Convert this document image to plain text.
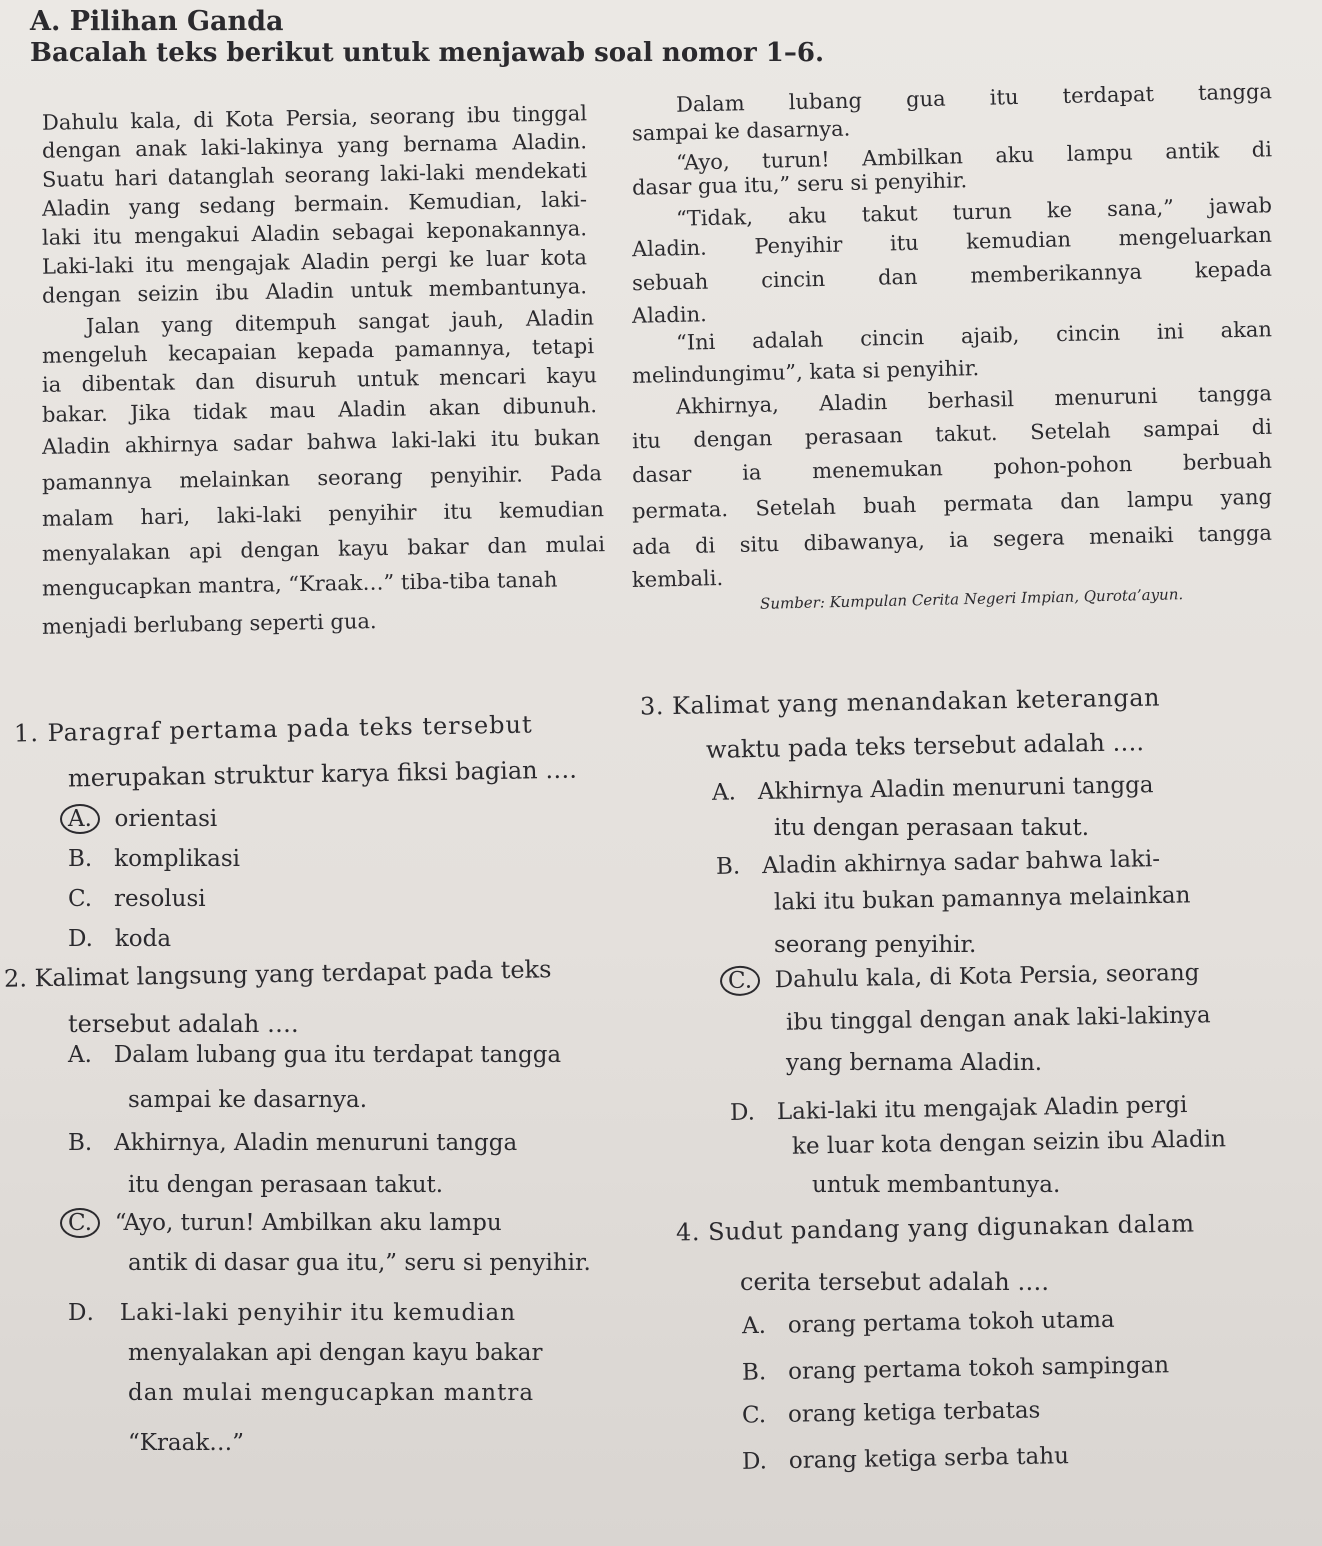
A. Pilihan Ganda
Bacalah teks berikut untuk menjawab soal nomor 1–6.
Dahulu kala, di Kota Persia, seorang ibu tinggal
dengan anak laki-lakinya yang bernama Aladin.
Suatu hari datanglah seorang laki-laki mendekati
Aladin yang sedang bermain. Kemudian, laki-
laki itu mengakui Aladin sebagai keponakannya.
Laki-laki itu mengajak Aladin pergi ke luar kota
dengan seizin ibu Aladin untuk membantunya.
Jalan yang ditempuh sangat jauh, Aladin
mengeluh kecapaian kepada pamannya, tetapi
ia dibentak dan disuruh untuk mencari kayu
bakar. Jika tidak mau Aladin akan dibunuh.
Aladin akhirnya sadar bahwa laki-laki itu bukan
pamannya melainkan seorang penyihir. Pada
malam hari, laki-laki penyihir itu kemudian
menyalakan api dengan kayu bakar dan mulai
mengucapkan mantra, “Kraak…” tiba-tiba tanah
menjadi berlubang seperti gua.
Dalam lubang gua itu terdapat tangga
sampai ke dasarnya.
“Ayo, turun! Ambilkan aku lampu antik di
dasar gua itu,” seru si penyihir.
“Tidak, aku takut turun ke sana,” jawab
Aladin. Penyihir itu kemudian mengeluarkan
sebuah cincin dan memberikannya kepada
Aladin.
“Ini adalah cincin ajaib, cincin ini akan
melindungimu”, kata si penyihir.
Akhirnya, Aladin berhasil menuruni tangga
itu dengan perasaan takut. Setelah sampai di
dasar ia menemukan pohon-pohon berbuah
permata. Setelah buah permata dan lampu yang
ada di situ dibawanya, ia segera menaiki tangga
kembali.
Sumber: Kumpulan Cerita Negeri Impian, Qurota’ayun.
1. Paragraf pertama pada teks tersebut
merupakan struktur karya fiksi bagian ….
A. orientasi
B. komplikasi
C. resolusi
D. koda
2. Kalimat langsung yang terdapat pada teks
tersebut adalah ….
A. Dalam lubang gua itu terdapat tangga
sampai ke dasarnya.
B. Akhirnya, Aladin menuruni tangga
itu dengan perasaan takut.
C. “Ayo, turun! Ambilkan aku lampu
antik di dasar gua itu,” seru si penyihir.
D. Laki-laki penyihir itu kemudian
menyalakan api dengan kayu bakar
dan mulai mengucapkan mantra
“Kraak…”
3. Kalimat yang menandakan keterangan
waktu pada teks tersebut adalah ….
A. Akhirnya Aladin menuruni tangga
itu dengan perasaan takut.
B. Aladin akhirnya sadar bahwa laki-
laki itu bukan pamannya melainkan
seorang penyihir.
C. Dahulu kala, di Kota Persia, seorang
ibu tinggal dengan anak laki-lakinya
yang bernama Aladin.
D. Laki-laki itu mengajak Aladin pergi
ke luar kota dengan seizin ibu Aladin
untuk membantunya.
4. Sudut pandang yang digunakan dalam
cerita tersebut adalah ….
A. orang pertama tokoh utama
B. orang pertama tokoh sampingan
C. orang ketiga terbatas
D. orang ketiga serba tahu
